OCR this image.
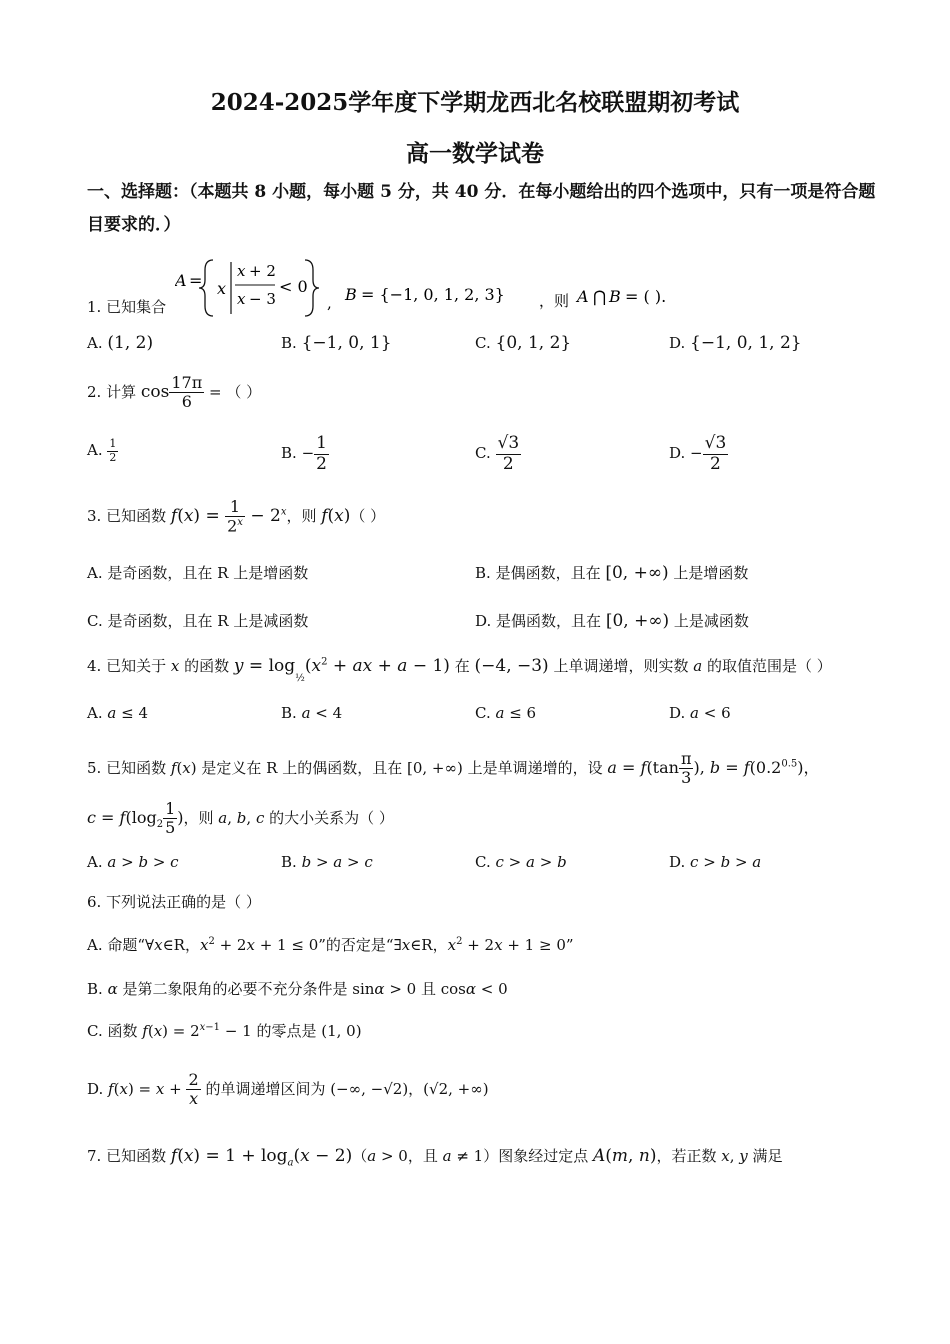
2024-2025学年度下学期龙西北名校联盟期初考试
高一数学试卷
一、选择题：（本题共 8 小题，每小题 5 分，共 40 分．在每小题给出的四个选项中，只有一项是符合题目要求的．）
1. 已知集合
A = x
x + 2
x − 3
< 0
, B = {−1, 0, 1, 2, 3} ，则 A ⋂ B = ( ).
A. (1, 2)	B. {−1, 0, 1}	C. {0, 1, 2}	D. {−1, 0, 1, 2}
2. 计算 $\cos \frac{17\pi}{6}$ = （ ）
A. $\frac{1}{2}$	B. − $\frac{1}{2}$	C. $\frac{√3}{2}$	D. − $\frac{√3}{2}$
3. 已知函数 $f(x) = \frac{1}{2^x} - 2^x$，则 f(x)（ ）
A. 是奇函数，且在 R 上是增函数	B. 是偶函数，且在 [0, +∞) 上是增函数
C. 是奇函数，且在 R 上是减函数	D. 是偶函数，且在 [0, +∞) 上是减函数
4. 已知关于 x 的函数 $y = \log_{\frac{1}{2}}(x^2$ + ax + a − 1) 在 (−4, −3) 上单调递增，则实数 a 的取值范围是（ ）
A. a ≤ 4	B. a < 4	C. a ≤ 6	D. a < 6
5. 已知函数 f(x) 是定义在 R 上的偶函数，且在 [0, +∞) 上是单调递增的，设 $a = f(\tan \frac{\pi}{3}$ ), $b = f(0.2^{0.5})$，
$c = f(\log_2 \frac{1}{5}$ )，则 a, b, c 的大小关系为（ ）
A. a > b > c	B. b > a > c	C. c > a > b	D. c > b > a
6. 下列说法正确的是（ ）
A. 命题“∀x∈R，$x^2 + 2x + 1 \le 0$”的否定是“∃x∈R，$x^2 + 2x + 1 \ge 0$”
B. α 是第二象限角的必要不充分条件是 sinα > 0 且 cosα < 0
C. 函数 $f(x) = 2^{x-1} - 1$ 的零点是 (1, 0)
D. $f(x) = x + \frac{2}{x}$ 的单调递增区间为 (−∞, −√2)，(√2, +∞)
7. 已知函数 $f(x) = 1 + \log_a(x - 2)(a > 0$，且 a ≠ 1）图象经过定点 A(m, n)，若正数 x, y 满足
